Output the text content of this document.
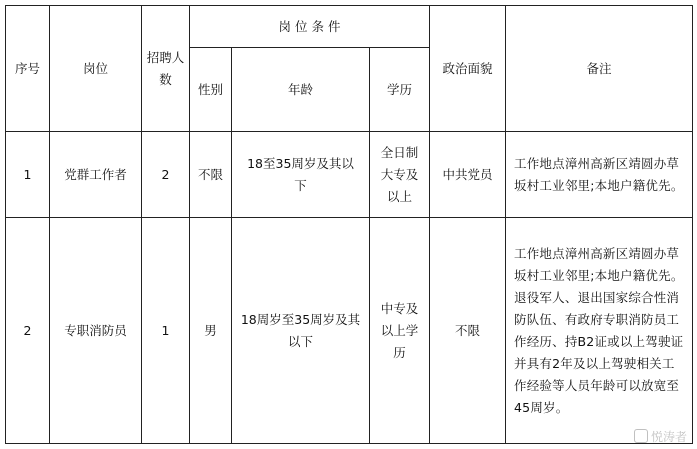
序号	岗位	招聘人数	岗 位 条 件			政治面貌	备注
			性别	年龄	学历		
1	党群工作者	2	不限	18至35周岁及其以下	全日制大专及以上	中共党员	工作地点漳州高新区靖圆办草坂村工业邻里;本地户籍优先。
2	专职消防员	1	男	18周岁至35周岁及其以下	中专及以上学历	不限	工作地点漳州高新区靖圆办草坂村工业邻里;本地户籍优先。退役军人、退出国家综合性消防队伍、有政府专职消防员工作经历、持B2证或以上驾驶证并具有2年及以上驾驶相关工作经验等人员年龄可以放宽至45周岁。
悦涛者
